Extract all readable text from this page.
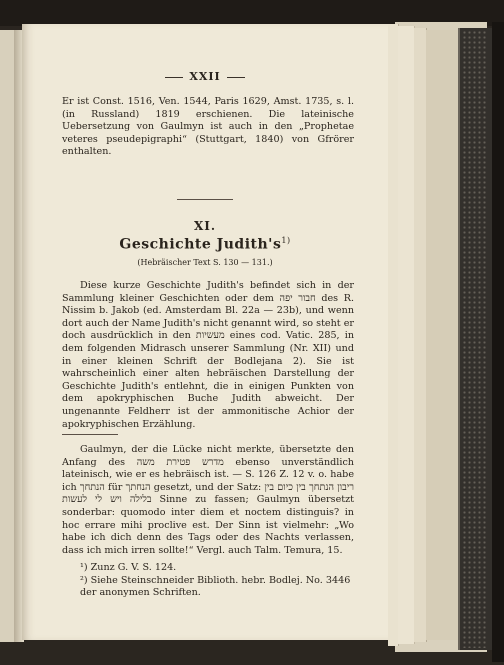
XXII

Er ist Const. 1516, Ven. 1544, Paris 1629, Amst. 1735, s. l. (in Russland) 1819 erschienen. Die lateinische Uebersetzung von Gaulmyn ist auch in den „Prophetae veteres pseudepigraphi“ (Stuttgart, 1840) von Gfrörer enthalten.

XI.
Geschichte $Judith's^{1)}$
(Hebräischer Text S. 130 — 131.)

Diese kurze Geschichte Judith's befindet sich in der Sammlung kleiner Geschichten oder dem חבור יפה des R. Nissim b. Jakob (ed. Amsterdam Bl. 22a — 23b), und wenn dort auch der Name Judith's nicht genannt wird, so steht er doch ausdrücklich in den מעשיות eines cod. Vatic. 285, in dem folgenden Midrasch unserer Sammlung (Nr. XII) und in einer kleinen Schrift der Bodlejana 2). Sie ist wahrscheinlich einer alten hebräischen Darstellung der Geschichte Judith's entlehnt, die in einigen Punkten von dem apokryphischen Buche Judith abweicht. Der ungenannte Feldherr ist der ammonitische Achior der apokryphischen Erzählung.

Gaulmyn, der die Lücke nicht merkte, übersetzte den Anfang des מדרש פטירת משה ebenso unverständlich lateinisch, wie er es hebräisch ist. — S. 126 Z. 12 v. o. habe ich הנתחך für הנחתך gesetzt, und der Satz: ריבון הנתחך בין כיום בין בלילה ויש לי לעשות Sinne zu fassen; Gaulmyn übersetzt sonderbar: quomodo inter diem et noctem distinguis? in hoc errare mihi proclive est. Der Sinn ist vielmehr: „Wo habe ich dich denn des Tags oder des Nachts verlassen, dass ich mich irren sollte!“ Vergl. auch Talm. Temura, 15.

¹) Zunz G. V. S. 124.
²) Siehe Steinschneider Biblioth. hebr. Bodlej. No. 3446 der anonymen Schriften.
